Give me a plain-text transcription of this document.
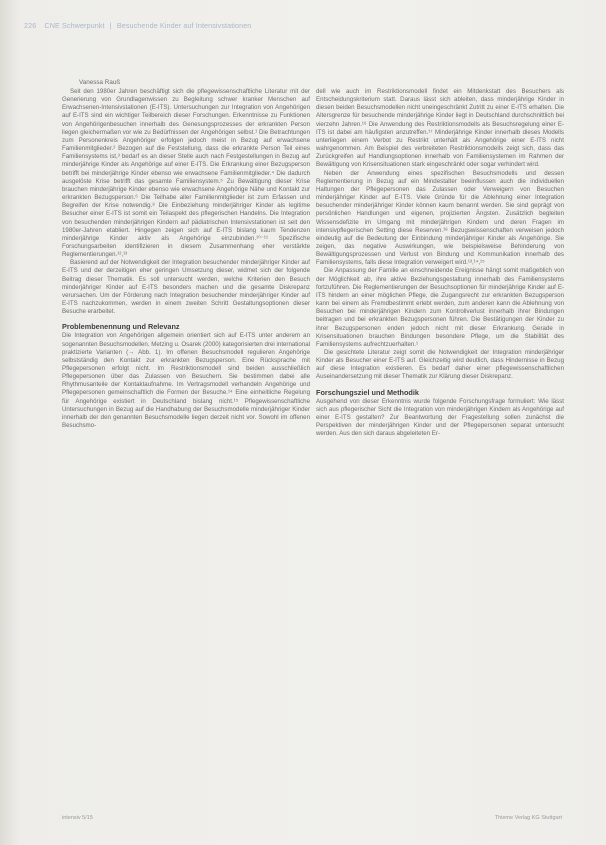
226 CNE Schwerpunkt | Besuchende Kinder auf Intensivstationen
Vanessa Rauß

Seit den 1980er Jahren beschäftigt sich die pflegewissenschaftliche Literatur mit der Generierung von Grundlagenwissen zu Begleitung schwer kranker Menschen auf Erwachsenen-Intensivstationen (E-ITS). Untersuchungen zur Integration von Angehörigen auf E-ITS sind ein wichtiger Teilbereich dieser Forschungen. Erkenntnisse zu Funktionen von Angehörigenbesuchen innerhalb des Genesungsprozesses der erkrankten Person liegen gleichermaßen vor wie zu Bedürfnissen der Angehörigen selbst.¹ Die Betrachtungen zum Personenkreis Angehöriger erfolgen jedoch meist in Bezug auf erwachsene Familienmitglieder.² Bezogen auf die Feststellung, dass die erkrankte Person Teil eines Familiensystems ist,³ bedarf es an dieser Stelle auch nach Festgestellungen in Bezug auf minderjährige Kinder als Angehörige auf einer E-ITS. Die Erkrankung einer Bezugsperson betrifft bei minderjährige Kinder ebenso wie erwachsene Familienmitglieder.⁴ Die dadurch ausgelöste Krise betrifft das gesamte Familiensystem.⁵ Zu Bewältigung dieser Krise brauchen minderjährige Kinder ebenso wie erwachsene Angehörige Nähe und Kontakt zur erkrankten Bezugsperson.⁶ Die Teilhabe aller Familienmitglieder ist zum Erfassen und Begreifen der Krise notwendig.⁸ Die Einbeziehung minderjähriger Kinder als legitime Besucher einer E-ITS ist somit ein Teilaspekt des pflegerischen Handelns. Die Integration von besuchenden minderjährigen Kindern auf pädiatrischen Intensivstationen ist seit den 1980er-Jahren etabliert. Hingegen zeigen sich auf E-ITS bislang kaum Tendenzen minderjährige Kinder aktiv als Angehörige einzubinden.¹⁰⁻¹¹ Spezifische Forschungsarbeiten identifizieren in diesem Zusammenhang eher verstärkte Reglementierungen.¹²,¹³

Basierend auf der Notwendigkeit der Integration besuchender minderjähriger Kinder auf E-ITS und der derzeitigen eher geringen Umsetzung dieser, widmet sich der folgende Beitrag dieser Thematik. Es soll untersucht werden, welche Kriterien den Besuch minderjähriger Kinder auf E-ITS besonders machen und die gesamte Diskrepanz verursachen. Um der Förderung nach Integration besuchender minderjähriger Kinder auf E-ITS nachzukommen, werden in einem zweiten Schritt Gestaltungsoptionen dieser Besuche erarbeitet.

Problembenennung und Relevanz

Die Integration von Angehörigen allgemein orientiert sich auf E-ITS unter anderem an sogenannten Besuchsmodellen. Metzing u. Osarek (2000) kategorisierten drei international praktizierte Varianten (→ Abb. 1). Im offenen Besuchsmodell regulieren Angehörige selbstständig den Kontakt zur erkrankten Bezugsperson. Eine Rücksprache mit Pflegepersonen erfolgt nicht. Im Restriktionsmodell sind beiden ausschließlich Pflegepersonen über das Zulassen von Besuchern. Sie bestimmen dabei alle Rhythmusanteile der Kontaktaufnahme. Im Vertragsmodell verhandeln Angehörige und Pflegepersonen gemeinschaftlich die Formen der Besuche.¹⁴ Eine einheitliche Regelung für Angehörige existiert in Deutschland bislang nicht.¹⁵ Pflegewissenschaftliche Untersuchungen in Bezug auf die Handhabung der Besuchsmodelle minderjähriger Kinder innerhalb der den genannten Besuchsmodelle liegen derzeit nicht vor. Sowohl im offenen Besuchsmo-

dell wie auch im Restriktionsmodell findet ein Mitdenkstatt des Besuchers als Entscheidungskriterium statt. Daraus lässt sich ableiten, dass minderjährige Kinder in diesen beiden Besuchsmodellen nicht uneingeschränkt Zutritt zu einer E-ITS erhalten. Die Altersgrenze für besuchende minderjährige Kinder liegt in Deutschland durchschnittlich bei vierzehn Jahren.¹⁶ Die Anwendung des Restriktionsmodells als Besuchsregelung einer E-ITS ist dabei am häufigsten anzutreffen.¹⁷ Minderjährige Kinder innerhalb dieses Modells unterliegen einem Verbot zu Restrikt unterhält als Angehörige einer E-ITS nicht wahrgenommen. Am Beispiel des verbreiteten Restriktionsmodells zeigt sich, dass das Zurückgreifen auf Handlungsoptionen innerhalb von Familiensystemen im Rahmen der Bewältigung von Krisensituationen stark eingeschränkt oder sogar verhindert wird.

Neben der Anwendung eines spezifischen Besuchsmodells und dessen Reglementierung in Bezug auf ein Mindestalter beeinflussen auch die individuellen Haltungen der Pflegepersonen das Zulassen oder Verweigern von Besuchen minderjähriger Kinder auf E-ITS. Viele Gründe für die Ablehnung einer Integration besuchender minderjähriger Kinder können kaum benannt werden. Sie sind geprägt von persönlichen Handlungen und eigenen, projizierten Ängsten. Zusätzlich begleiten Wissensdefizite im Umgang mit minderjährigen Kindern und deren Fragen im intensivpflegerischen Setting diese Reserven.¹⁸ Bezugswissenschaften verweisen jedoch eindeutig auf die Bedeutung der Einbindung minderjähriger Kinder als Angehörige. Sie zeigen, das negative Auswirkungen, wie beispielsweise Behinderung von Bewältigungsprozessen und Verlust von Bindung und Kommunikation innerhalb des Familiensystems, falls diese Integration verweigert wird.¹³,¹⁴,¹⁵

Die Anpassung der Familie an einschneidende Ereignisse hängt somit maßgeblich von der Möglichkeit ab, ihre aktive Beziehungsgestaltung innerhalb des Familiensystems fortzuführen. Die Reglementierungen der Besuchsoptionen für minderjährige Kinder auf E-ITS hindern an einer möglichen Pflege, die Zugangsrecht zur erkrankten Bezugsperson kann bei einem als Fremdbestimmt erlebt werden, zum anderen kann die Ablehnung von Besuchen bei minderjährigen Kindern zum Kontrollverlust innerhalb ihrer Bindungen beitragen und bei erkrankten Bezugspersonen führen. Die Bestätigungen der Kinder zu ihrer Bezugspersonen enden jedoch nicht mit dieser Erkrankung. Gerade in Krisensituationen brauchen Bindungen besondere Pflege, um die Stabilität des Familiensystems aufrechtzuerhalten.¹

Die gesichtete Literatur zeigt somit die Notwendigkeit der Integration minderjähriger Kinder als Besucher einer E-ITS auf. Gleichzeitig wird deutlich, dass Hindernisse in Bezug auf diese Integration existieren. Es bedarf daher einer pflegewissenschaftlichen Auseinandersetzung mit dieser Thematik zur Klärung dieser Diskrepanz.

Forschungsziel und Methodik

Ausgehend von dieser Erkenntnis wurde folgende Forschungsfrage formuliert: Wie lässt sich aus pflegerischer Sicht die Integration von minderjährigen Kindern als Angehörige auf einer E-ITS gestalten? Zur Beantwortung der Fragestellung sollen zunächst die Perspektiven der minderjährigen Kinder und der Pflegepersonen separat untersucht werden. Aus den sich daraus abgeleiteten Er-

intensiv 5/15	Thieme Verlag KG Stuttgart
